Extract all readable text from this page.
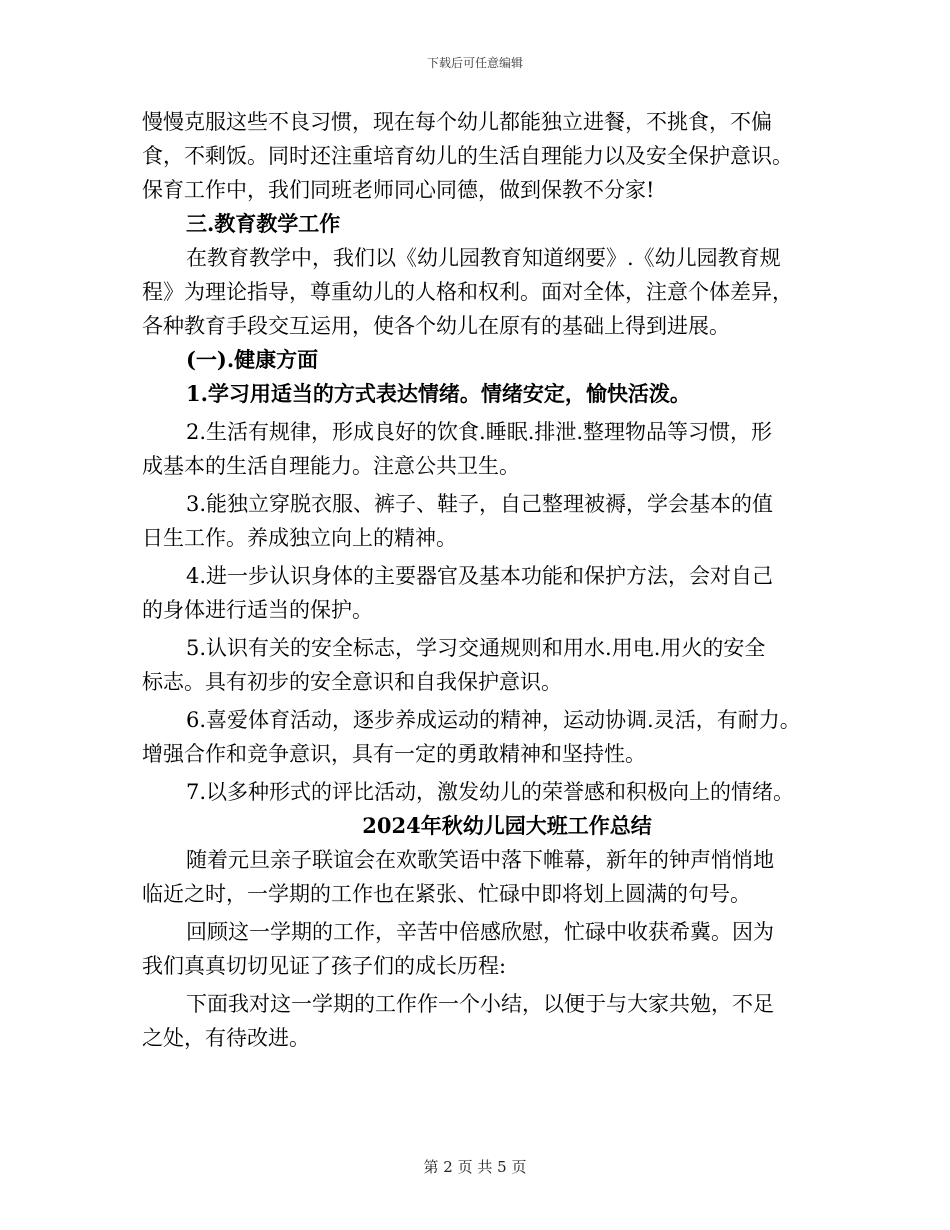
下载后可任意编辑
慢慢克服这些不良习惯，现在每个幼儿都能独立进餐，不挑食，不偏
食，不剩饭。同时还注重培育幼儿的生活自理能力以及安全保护意识。
保育工作中，我们同班老师同心同德，做到保教不分家!
三.教育教学工作
在教育教学中，我们以《幼儿园教育知道纲要》.《幼儿园教育规
程》为理论指导，尊重幼儿的人格和权利。面对全体，注意个体差异，
各种教育手段交互运用，使各个幼儿在原有的基础上得到进展。
(一).健康方面
1.学习用适当的方式表达情绪。情绪安定，愉快活泼。
2.生活有规律，形成良好的饮食.睡眠.排泄.整理物品等习惯，形
成基本的生活自理能力。注意公共卫生。
3.能独立穿脱衣服、裤子、鞋子，自己整理被褥，学会基本的值
日生工作。养成独立向上的精神。
4.进一步认识身体的主要器官及基本功能和保护方法，会对自己
的身体进行适当的保护。
5.认识有关的安全标志，学习交通规则和用水.用电.用火的安全
标志。具有初步的安全意识和自我保护意识。
6.喜爱体育活动，逐步养成运动的精神，运动协调.灵活，有耐力。
增强合作和竞争意识，具有一定的勇敢精神和坚持性。
7.以多种形式的评比活动，激发幼儿的荣誉感和积极向上的情绪。
2024年秋幼儿园大班工作总结
随着元旦亲子联谊会在欢歌笑语中落下帷幕，新年的钟声悄悄地
临近之时，一学期的工作也在紧张、忙碌中即将划上圆满的句号。
回顾这一学期的工作，辛苦中倍感欣慰，忙碌中收获希冀。因为
我们真真切切见证了孩子们的成长历程:
下面我对这一学期的工作作一个小结，以便于与大家共勉，不足
之处，有待改进。
第 2 页 共 5 页
